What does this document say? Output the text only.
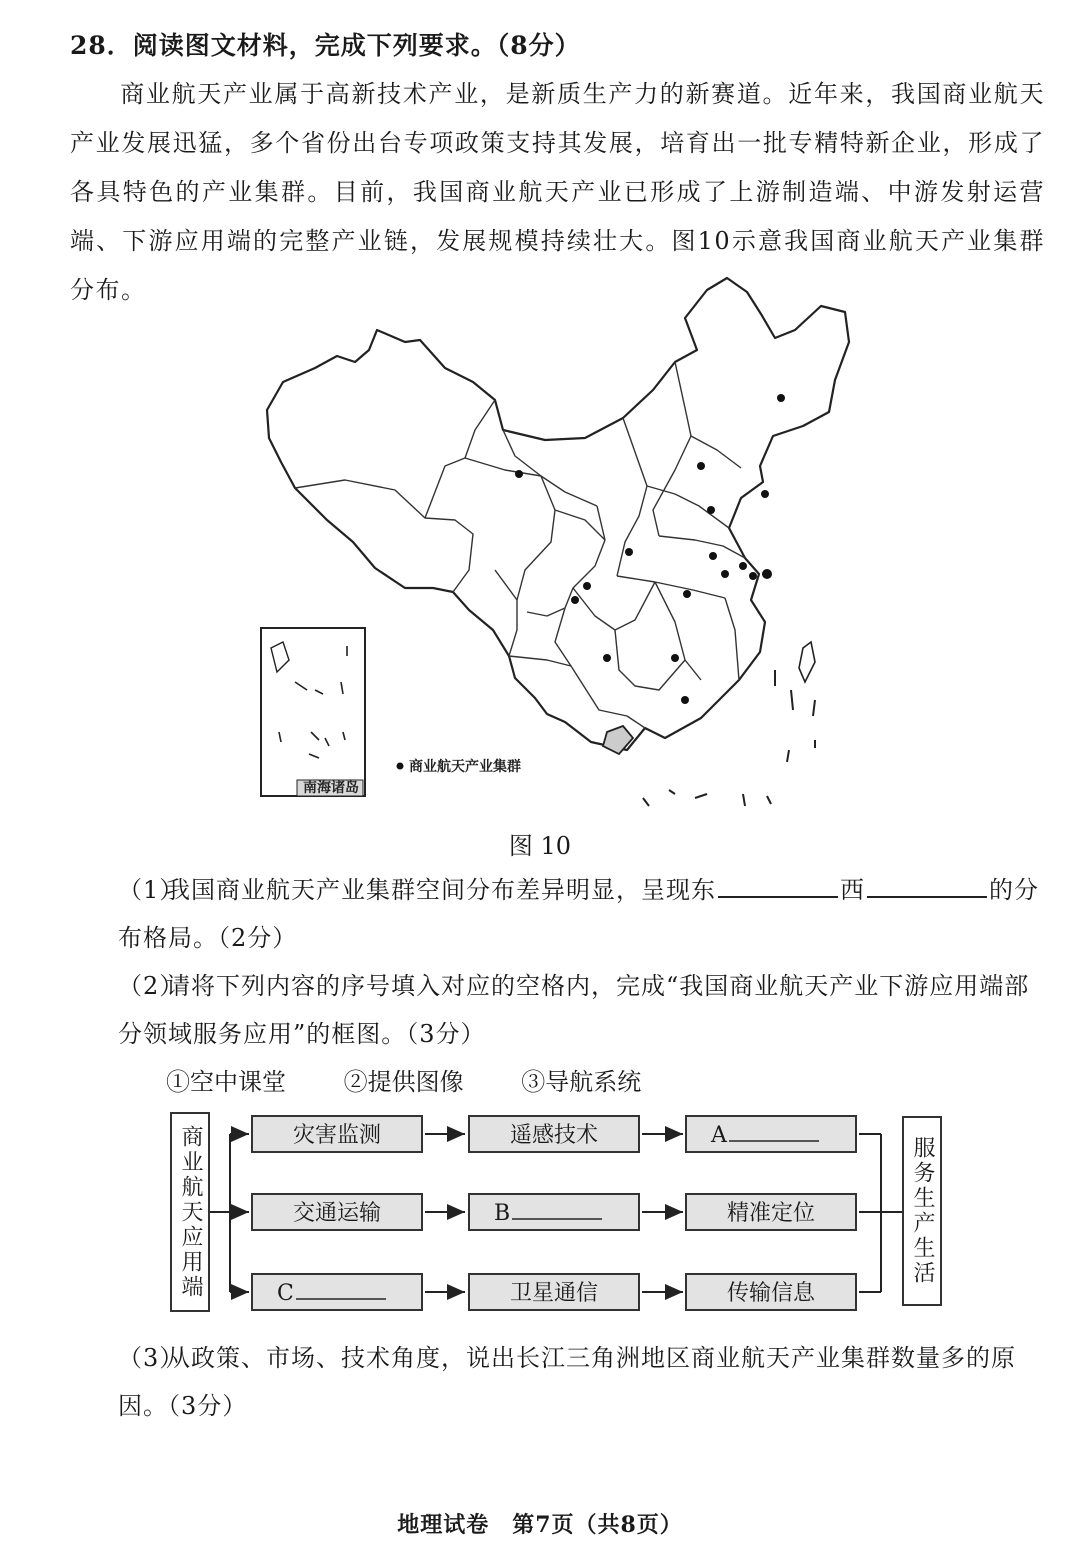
28．阅读图文材料，完成下列要求。（8分）
商业航天产业属于高新技术产业，是新质生产力的新赛道。近年来，我国商业航天产业发展迅猛，多个省份出台专项政策支持其发展，培育出一批专精特新企业，形成了各具特色的产业集群。目前，我国商业航天产业已形成了上游制造端、中游发射运营端、下游应用端的完整产业链，发展规模持续壮大。图10示意我国商业航天产业集群分布。
南海诸岛
商业航天产业集群
图 10
（1）我国商业航天产业集群空间分布差异明显，呈现东	西	的分布格局。（2分）
（2）请将下列内容的序号填入对应的空格内，完成“我国商业航天产业下游应用端部分领域服务应用”的框图。（3分）
①空中课堂 ②提供图像 ③导航系统
商业航天应用端	灾害监测	遥感技术	A
交通运输	B	精准定位
C	卫星通信	传输信息
服务生产生活
（3）从政策、市场、技术角度，说出长江三角洲地区商业航天产业集群数量多的原因。（3分）
地理试卷　第7页（共8页）
